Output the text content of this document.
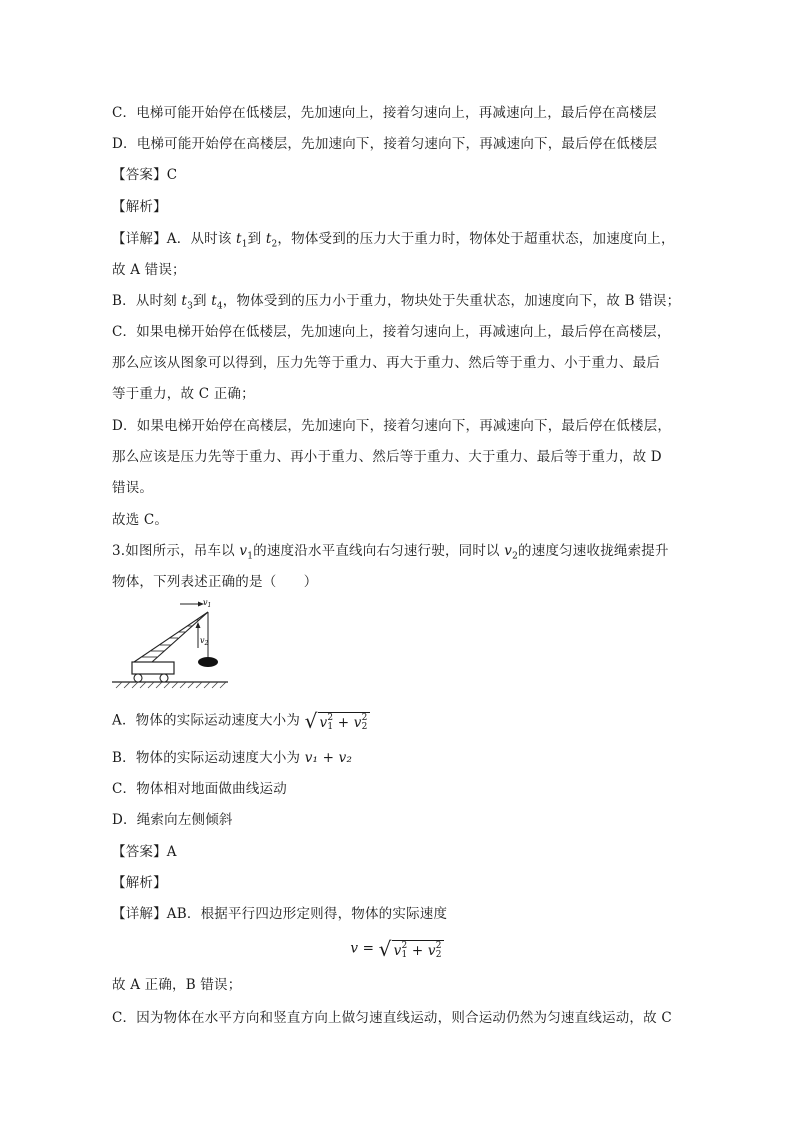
C．电梯可能开始停在低楼层，先加速向上，接着匀速向上，再减速向上，最后停在高楼层
D．电梯可能开始停在高楼层，先加速向下，接着匀速向下，再减速向下，最后停在低楼层
【答案】C
【解析】
【详解】A．从时该 $t_1$到 $t_2$，物体受到的压力大于重力时，物体处于超重状态，加速度向上，
故 A 错误；
B．从时刻 $t_3$到 $t_4$，物体受到的压力小于重力，物块处于失重状态，加速度向下，故 B 错误；
C．如果电梯开始停在低楼层，先加速向上，接着匀速向上，再减速向上，最后停在高楼层，
那么应该从图象可以得到，压力先等于重力、再大于重力、然后等于重力、小于重力、最后
等于重力，故 C 正确；
D．如果电梯开始停在高楼层，先加速向下，接着匀速向下，再减速向下，最后停在低楼层，
那么应该是压力先等于重力、再小于重力、然后等于重力、大于重力、最后等于重力，故 D
错误。
故选 C。
3.如图所示，吊车以 $v_1$的速度沿水平直线向右匀速行驶，同时以 $v_2$的速度匀速收拢绳索提升
物体，下列表述正确的是（　　）
$v_1$
$v_2$
A．物体的实际运动速度大小为 √ v 2
1 + v 2
2
B．物体的实际运动速度大小为 v₁ + v₂
C．物体相对地面做曲线运动
D．绳索向左侧倾斜
【答案】A
【解析】
【详解】AB．根据平行四边形定则得，物体的实际速度
v = √ v 2
1 + v 2
2
故 A 正确，B 错误；
C．因为物体在水平方向和竖直方向上做匀速直线运动，则合运动仍然为匀速直线运动，故 C
